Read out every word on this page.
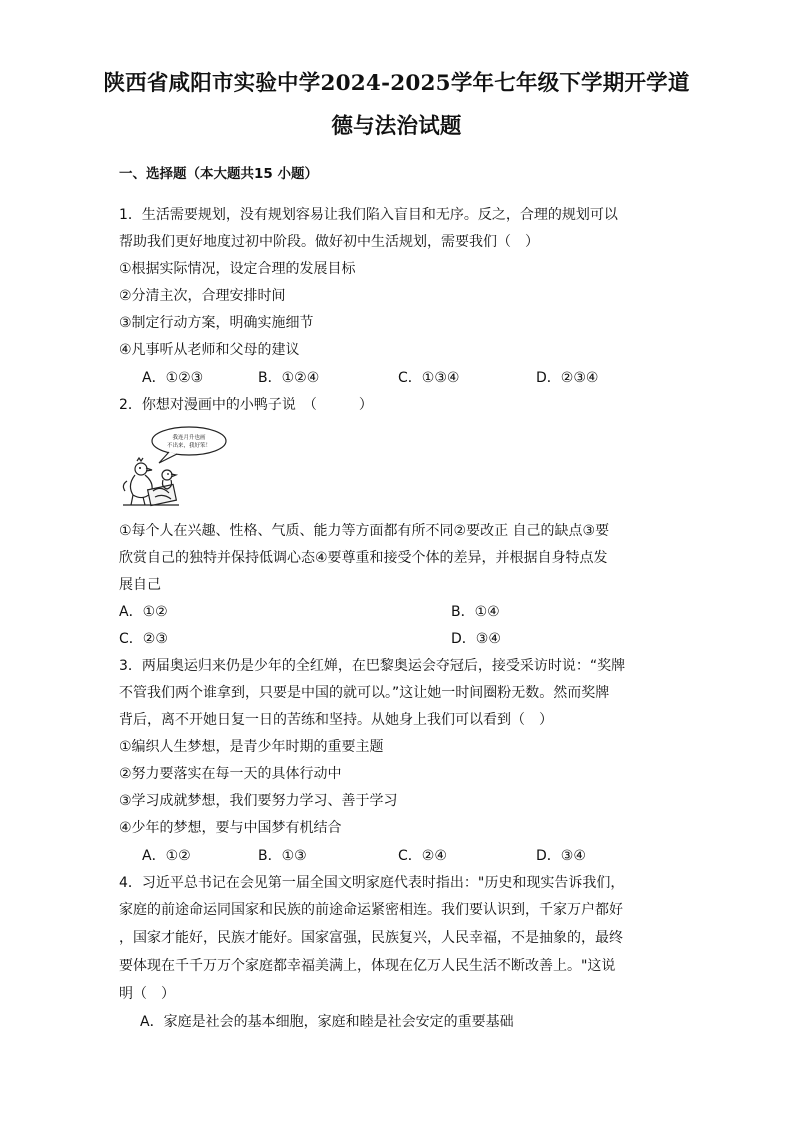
陕西省咸阳市实验中学2024-2025学年七年级下学期开学道
德与法治试题
一、选择题（本大题共15 小题）
1．生活需要规划，没有规划容易让我们陷入盲目和无序。反之，合理的规划可以
帮助我们更好地度过初中阶段。做好初中生活规划，需要我们（　）
①根据实际情况，设定合理的发展目标
②分清主次，合理安排时间
③制定行动方案，明确实施细节
④凡事听从老师和父母的建议
A．①②③	B．①②④	C．①③④	D．②③④
2．你想对漫画中的小鸭子说　（　　　）
我连月升也画
不出来，我好笨！
①每个人在兴趣、性格、气质、能力等方面都有所不同②要改正 自己的缺点③要
欣赏自己的独特并保持低调心态④要尊重和接受个体的差异，并根据自身特点发
展自己
A．①②	B．①④
C．②③	D．③④
3．两届奥运归来仍是少年的全红婵，在巴黎奥运会夺冠后，接受采访时说：“奖牌
不管我们两个谁拿到，只要是中国的就可以。”这让她一时间圈粉无数。然而奖牌
背后，离不开她日复一日的苦练和坚持。从她身上我们可以看到（　）
①编织人生梦想，是青少年时期的重要主题
②努力要落实在每一天的具体行动中
③学习成就梦想，我们要努力学习、善于学习
④少年的梦想，要与中国梦有机结合
A．①②	B．①③	C．②④	D．③④
4．习近平总书记在会见第一届全国文明家庭代表时指出："历史和现实告诉我们，
家庭的前途命运同国家和民族的前途命运紧密相连。我们要认识到，千家万户都好
，国家才能好，民族才能好。国家富强，民族复兴，人民幸福，不是抽象的，最终
要体现在千千万万个家庭都幸福美满上，体现在亿万人民生活不断改善上。"这说
明（　）
A．家庭是社会的基本细胞，家庭和睦是社会安定的重要基础
